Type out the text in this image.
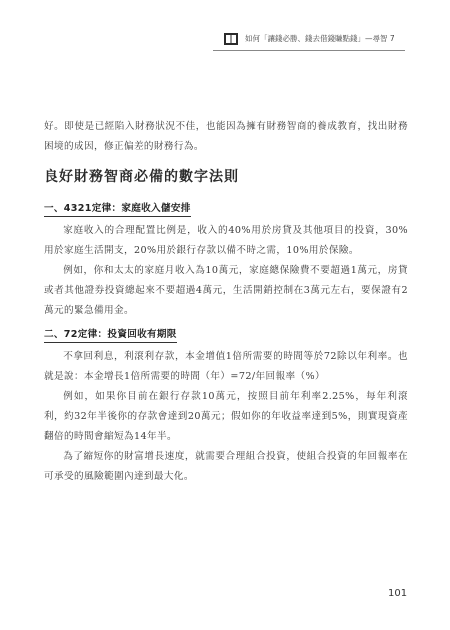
如何「讓錢必勝、錢去借錢賺點錢」—尋智 7

好。即使是已經陷入財務狀況不佳，也能因為擁有財務智商的養成教育，找出財務困境的成因，修正偏差的財務行為。

良好財務智商必備的數字法則
一、4321定律：家庭收入儲安排

家庭收入的合理配置比例是，收入的40%用於房貸及其他項目的投資，30%用於家庭生活開支，20%用於銀行存款以備不時之需，10%用於保險。

例如，你和太太的家庭月收入為10萬元，家庭總保險費不要超過1萬元，房貸或者其他證券投資總起來不要超過4萬元，生活開銷控制在3萬元左右，要保證有2萬元的緊急備用金。

二、72定律：投資回收有期限

不拿回利息，利滾利存款，本金增值1倍所需要的時間等於72除以年利率。也就是說：本金增長1倍所需要的時間（年）=72/年回報率（%）

例如，如果你目前在銀行存款10萬元，按照目前年利率2.25%，每年利滾利，約32年半後你的存款會達到20萬元；假如你的年收益率達到5%，則實現資產翻倍的時間會縮短為14年半。

為了縮短你的財富增長速度，就需要合理組合投資，使組合投資的年回報率在可承受的風險範圍內達到最大化。

101
